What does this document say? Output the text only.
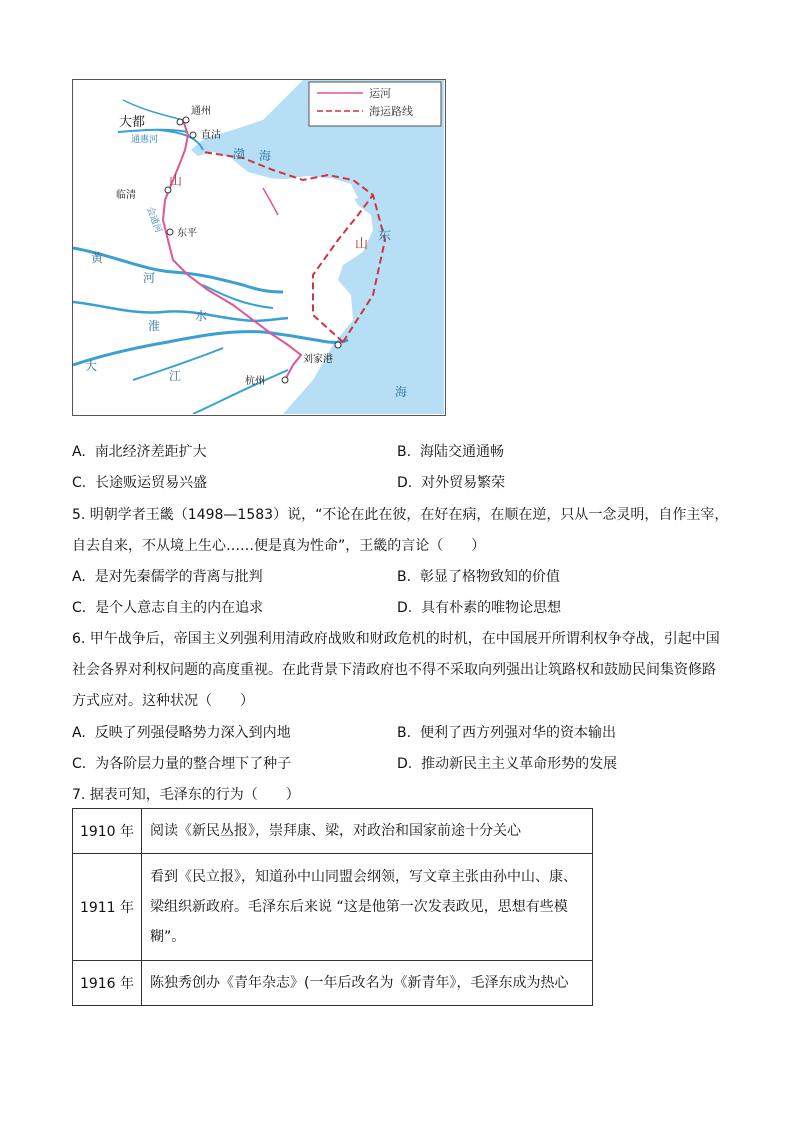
运河
海运路线
大都
通州
直沽
通惠河
渤 海
临清
山
会通河 东平
山
东
黄
河
淮
水
大
江
刘家港
杭州
海
A. 南北经济差距扩大	B. 海陆交通通畅
C. 长途贩运贸易兴盛	D. 对外贸易繁荣
5. 明朝学者王畿（1498—1583）说，“不论在此在彼，在好在病，在顺在逆，只从一念灵明，自作主宰，
自去自来，不从境上生心……便是真为性命”，王畿的言论（　　）
A. 是对先秦儒学的背离与批判	B. 彰显了格物致知的价值
C. 是个人意志自主的内在追求	D. 具有朴素的唯物论思想
6. 甲午战争后，帝国主义列强利用清政府战败和财政危机的时机，在中国展开所谓利权争夺战，引起中国
社会各界对利权问题的高度重视。在此背景下清政府也不得不采取向列强出让筑路权和鼓励民间集资修路
方式应对。这种状况（　　）
A. 反映了列强侵略势力深入到内地	B. 便利了西方列强对华的资本输出
C. 为各阶层力量的整合埋下了种子	D. 推动新民主主义革命形势的发展
7. 据表可知，毛泽东的行为（　　）
1910 年	阅读《新民丛报》，崇拜康、梁，对政治和国家前途十分关心

1911 年	看到《民立报》，知道孙中山同盟会纲领，写文章主张由孙中山、康、
梁组织新政府。毛泽东后来说 “这是他第一次发表政见，思想有些模
糊”。

1916 年	陈独秀创办《青年杂志》(一年后改名为《新青年》，毛泽东成为热心
